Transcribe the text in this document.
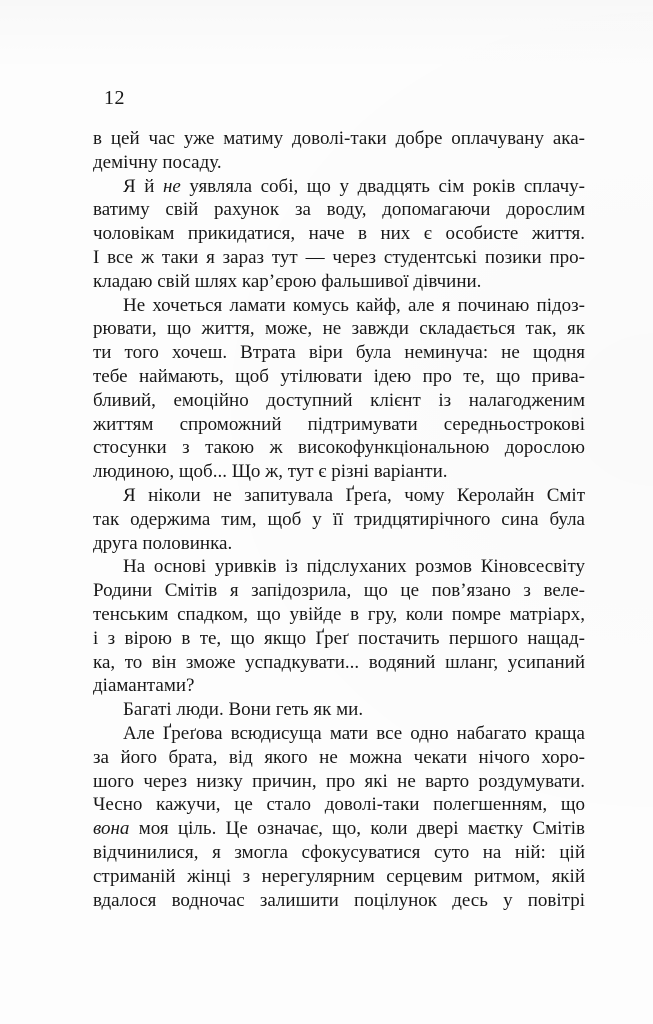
12
в цей час уже матиму доволі-таки добре оплачувану ака-
демічну посаду.
Я й не уявляла собі, що у двадцять сім років сплачу-
ватиму свій рахунок за воду, допомагаючи дорослим
чоловікам прикидатися, наче в них є особисте життя.
І все ж таки я зараз тут — через студентські позики про-
кладаю свій шлях кар’єрою фальшивої дівчини.
Не хочеться ламати комусь кайф, але я починаю підоз-
рювати, що життя, може, не завжди складається так, як
ти того хочеш. Втрата віри була неминуча: не щодня
тебе наймають, щоб утілювати ідею про те, що прива-
бливий, емоційно доступний клієнт із налагодженим
життям спроможний підтримувати середньострокові
стосунки з такою ж високофункціональною дорослою
людиною, щоб... Що ж, тут є різні варіанти.
Я ніколи не запитувала Ґреґа, чому Керолайн Сміт
так одержима тим, щоб у її тридцятирічного сина була
друга половинка.
На основі уривків із підслуханих розмов Кіновсесвіту
Родини Смітів я запідозрила, що це пов’язано з веле-
тенським спадком, що увійде в гру, коли помре матріарх,
і з вірою в те, що якщо Ґреґ постачить першого нащад-
ка, то він зможе успадкувати... водяний шланг, усипаний
діамантами?
Багаті люди. Вони геть як ми.
Але Ґреґова всюдисуща мати все одно набагато краща
за його брата, від якого не можна чекати нічого хоро-
шого через низку причин, про які не варто роздумувати.
Чесно кажучи, це стало доволі-таки полегшенням, що
вона моя ціль. Це означає, що, коли двері маєтку Смітів
відчинилися, я змогла сфокусуватися суто на ній: цій
стриманій жінці з нерегулярним серцевим ритмом, якій
вдалося водночас залишити поцілунок десь у повітрі
